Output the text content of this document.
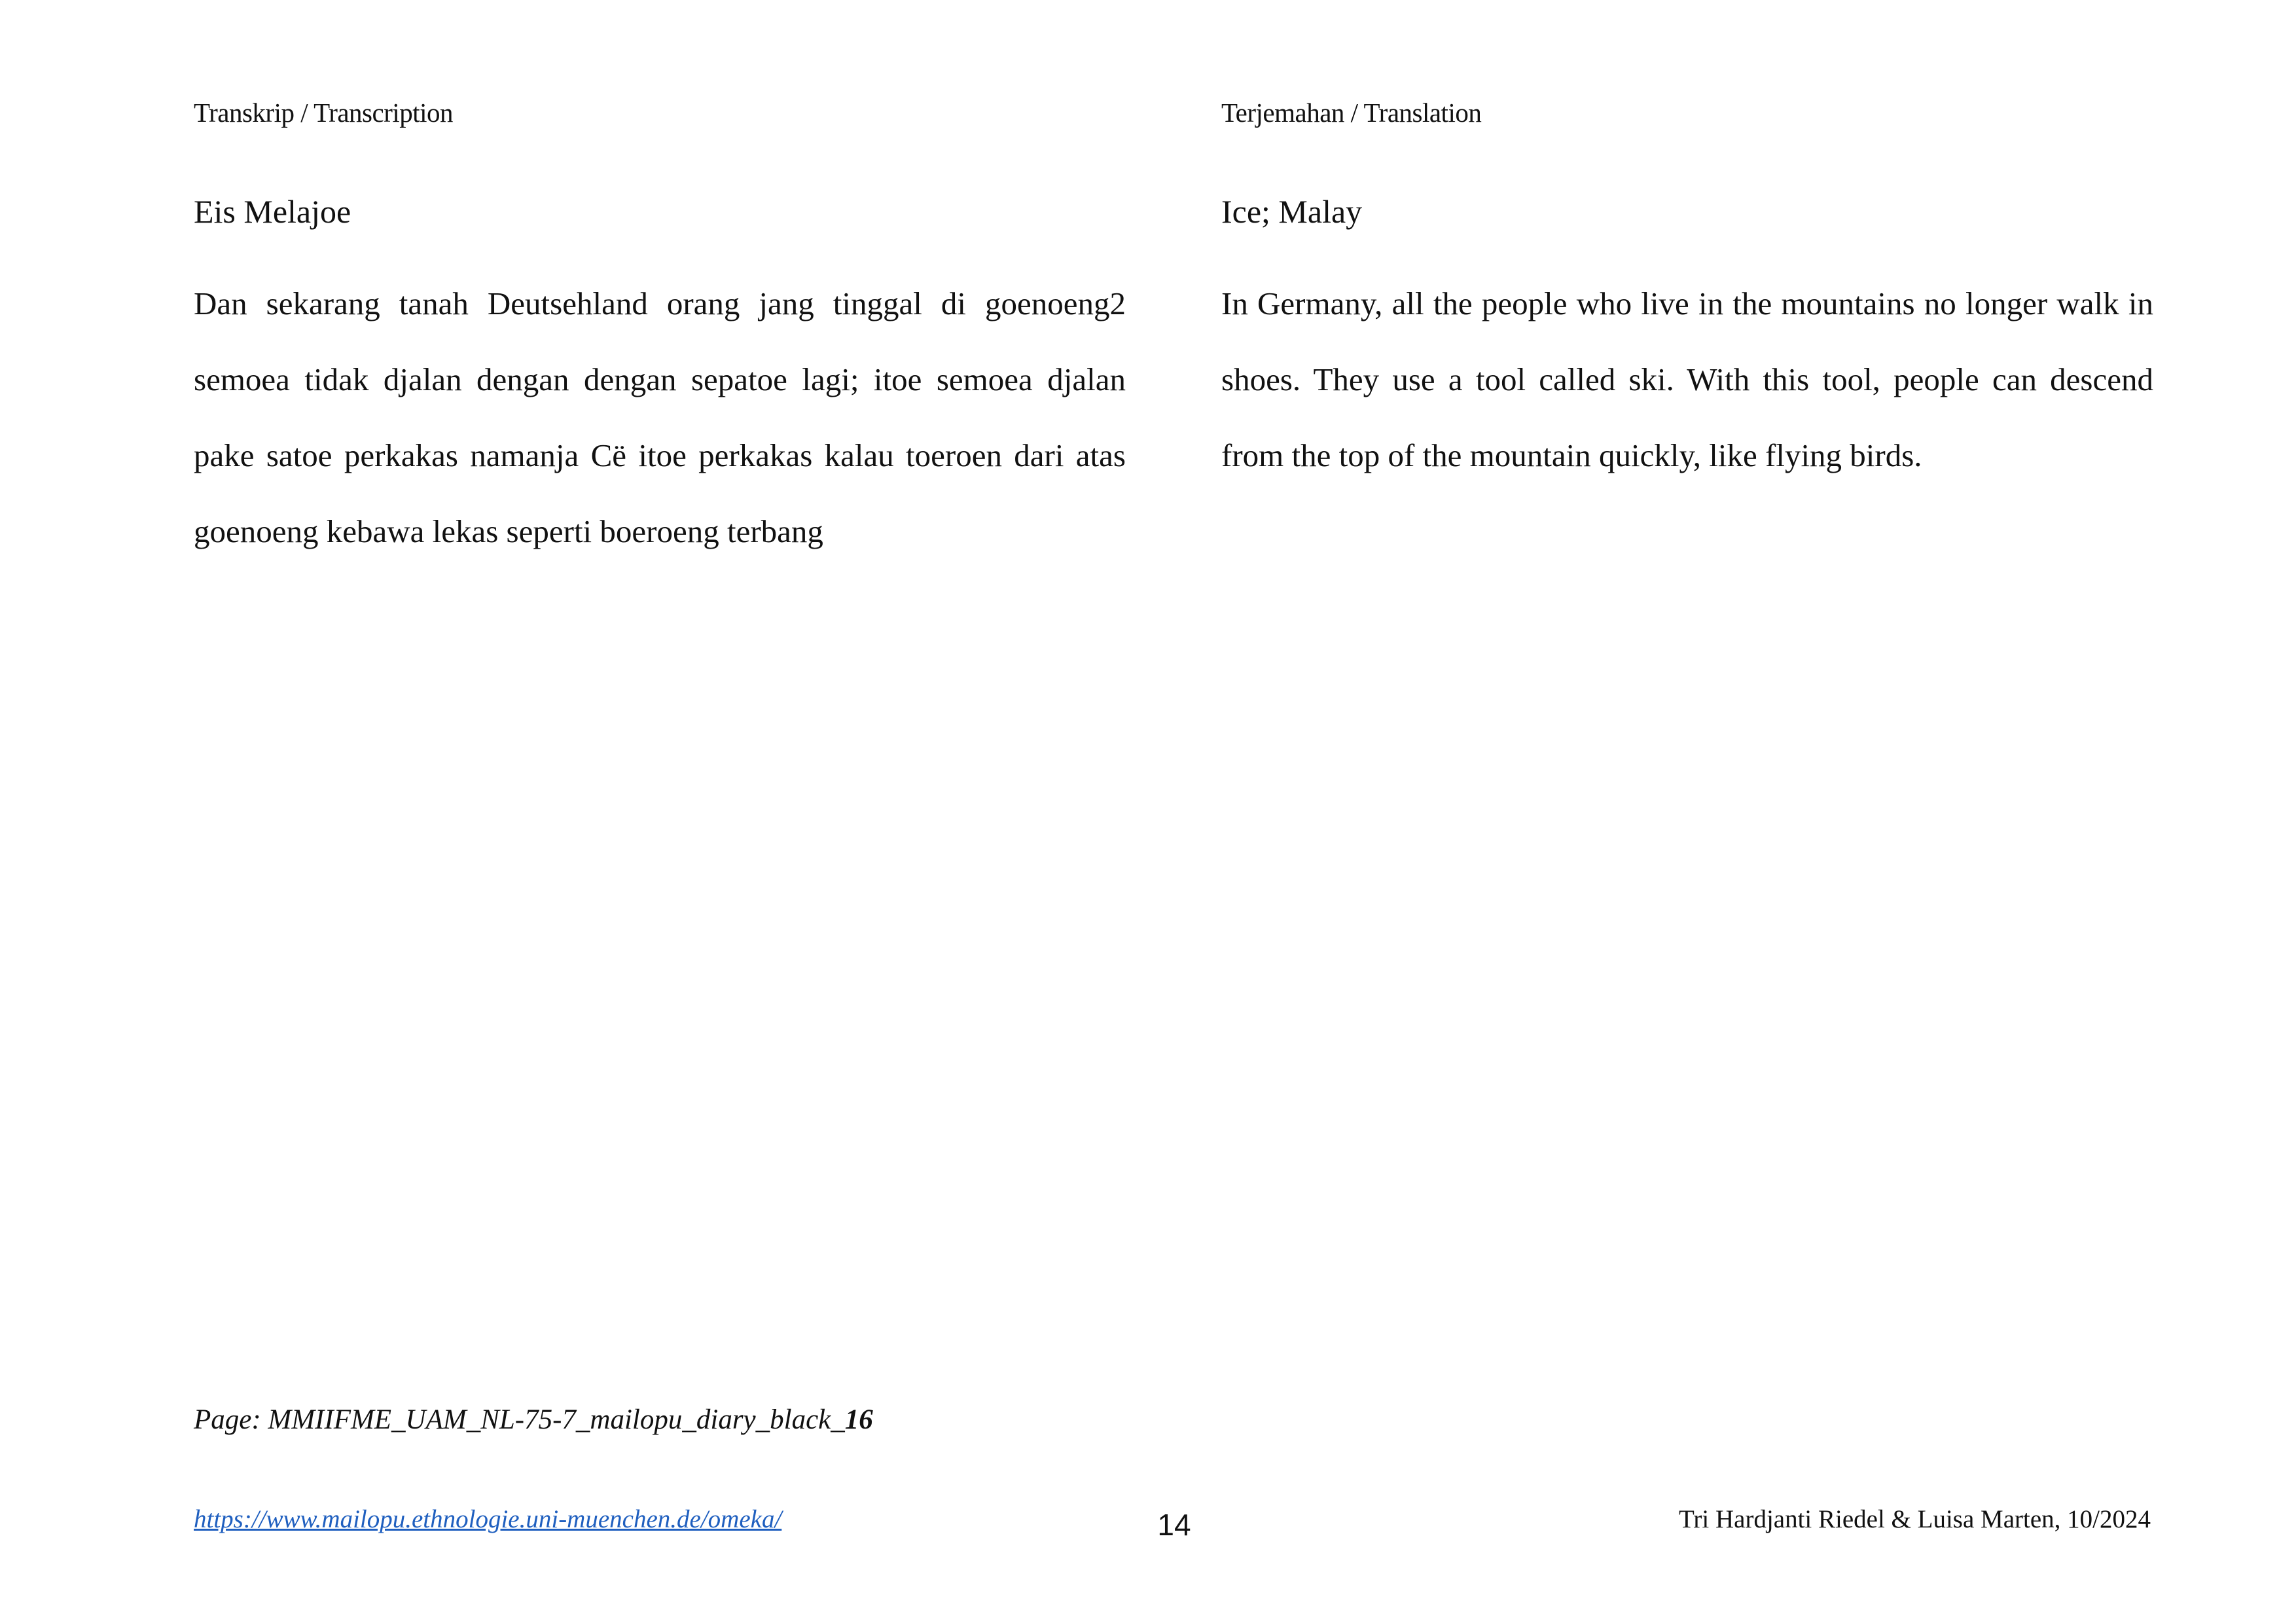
Transkrip / Transcription
Eis Melajoe

Dan sekarang tanah Deutsehland orang jang tinggal di goenoeng2 semoea tidak djalan dengan dengan sepatoe lagi; itoe semoea djalan pake satoe perkakas namanja Cë itoe perkakas kalau toeroen dari atas goenoeng kebawa lekas seperti boeroeng terbang

Terjemahan / Translation
Ice; Malay

In Germany, all the people who live in the mountains no longer walk in shoes. They use a tool called ski. With this tool, people can descend from the top of the mountain quickly, like flying birds.

Page: MMIIFME_UAM_NL-75-7_mailopu_diary_black_16
https://www.mailopu.ethnologie.uni-muenchen.de/omeka/	14	Tri Hardjanti Riedel & Luisa Marten, 10/2024
